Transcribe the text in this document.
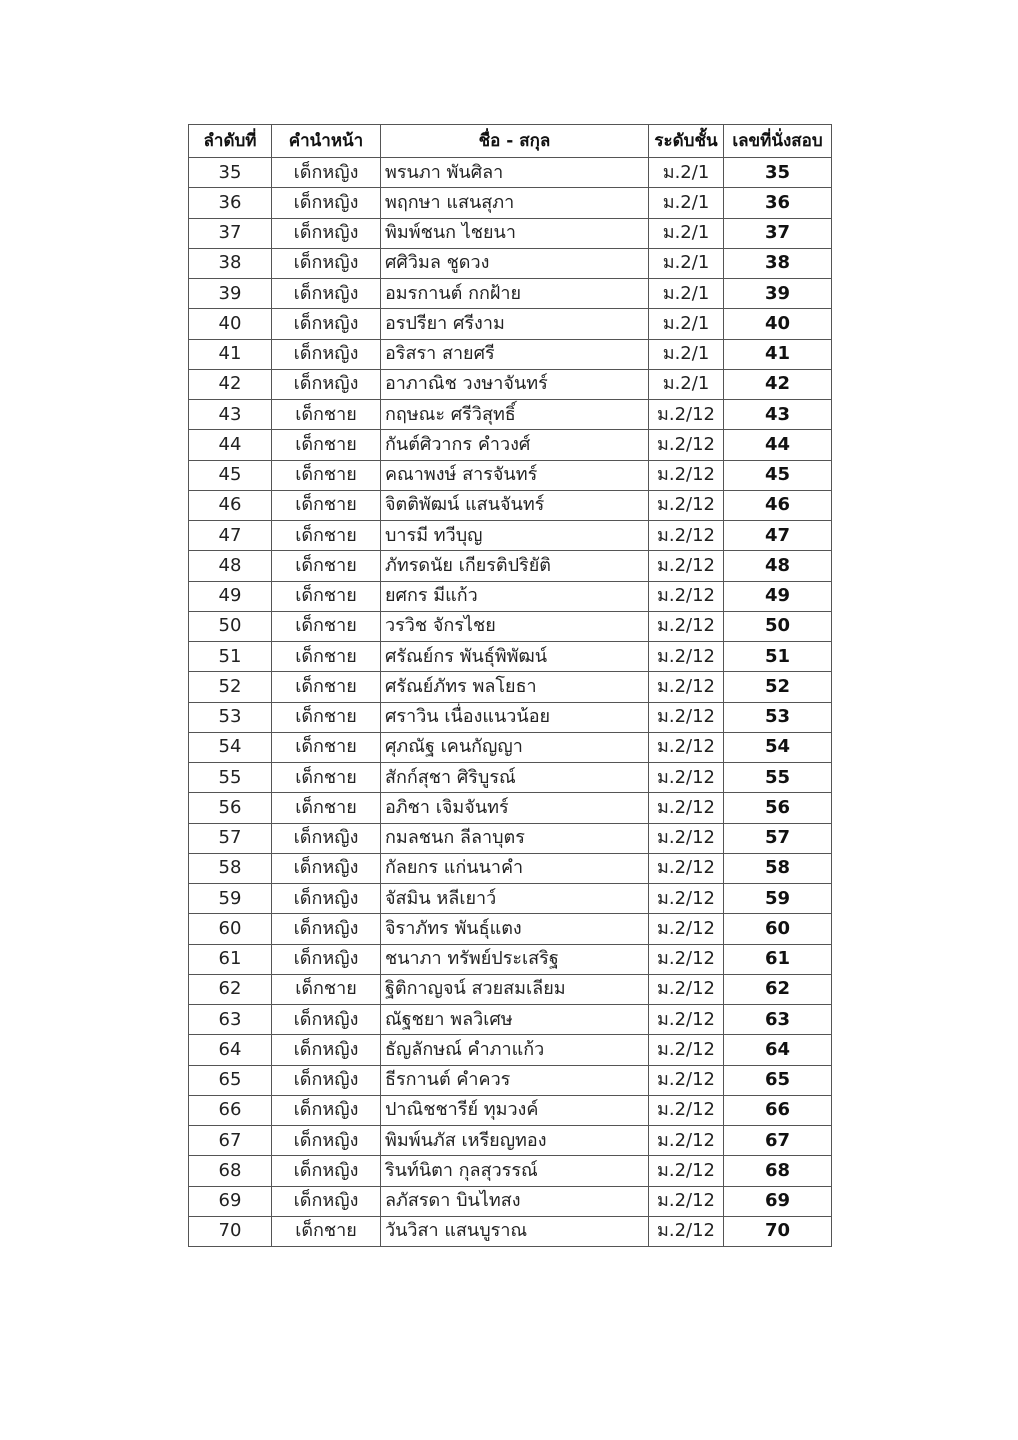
ลำดับที่	คำนำหน้า	ชื่อ - สกุล	ระดับชั้น	เลขที่นั่งสอบ
35	เด็กหญิง	พรนภา พันศิลา	ม.2/1	35
36	เด็กหญิง	พฤกษา แสนสุภา	ม.2/1	36
37	เด็กหญิง	พิมพ์ชนก ไชยนา	ม.2/1	37
38	เด็กหญิง	ศศิวิมล ชูดวง	ม.2/1	38
39	เด็กหญิง	อมรกานต์ กกฝ้าย	ม.2/1	39
40	เด็กหญิง	อรปรียา ศรีงาม	ม.2/1	40
41	เด็กหญิง	อริสรา สายศรี	ม.2/1	41
42	เด็กหญิง	อาภาณิช วงษาจันทร์	ม.2/1	42
43	เด็กชาย	กฤษณะ ศรีวิสุทธิ์	ม.2/12	43
44	เด็กชาย	กันต์ศิวากร คำวงศ์	ม.2/12	44
45	เด็กชาย	คณาพงษ์ สารจันทร์	ม.2/12	45
46	เด็กชาย	จิตติพัฒน์ แสนจันทร์	ม.2/12	46
47	เด็กชาย	บารมี ทวีบุญ	ม.2/12	47
48	เด็กชาย	ภัทรดนัย เกียรติปริยัติ	ม.2/12	48
49	เด็กชาย	ยศกร มีแก้ว	ม.2/12	49
50	เด็กชาย	วรวิช จักรไชย	ม.2/12	50
51	เด็กชาย	ศรัณย์กร พันธุ์พิพัฒน์	ม.2/12	51
52	เด็กชาย	ศรัณย์ภัทร พลโยธา	ม.2/12	52
53	เด็กชาย	ศราวิน เนื่องแนวน้อย	ม.2/12	53
54	เด็กชาย	ศุภณัฐ เคนกัญญา	ม.2/12	54
55	เด็กชาย	สักก์สุชา ศิริบูรณ์	ม.2/12	55
56	เด็กชาย	อภิชา เจิมจันทร์	ม.2/12	56
57	เด็กหญิง	กมลชนก ลีลาบุตร	ม.2/12	57
58	เด็กหญิง	กัลยกร แก่นนาคำ	ม.2/12	58
59	เด็กหญิง	จัสมิน หลีเยาว์	ม.2/12	59
60	เด็กหญิง	จิราภัทร พันธุ์แตง	ม.2/12	60
61	เด็กหญิง	ชนาภา ทรัพย์ประเสริฐ	ม.2/12	61
62	เด็กชาย	ฐิติกาญจน์ สวยสมเลียม	ม.2/12	62
63	เด็กหญิง	ณัฐชยา พลวิเศษ	ม.2/12	63
64	เด็กหญิง	ธัญลักษณ์ คำภาแก้ว	ม.2/12	64
65	เด็กหญิง	ธีรกานต์ คำควร	ม.2/12	65
66	เด็กหญิง	ปาณิชชารีย์ ทุมวงค์	ม.2/12	66
67	เด็กหญิง	พิมพ์นภัส เหรียญทอง	ม.2/12	67
68	เด็กหญิง	รินท์นิตา กุลสุวรรณ์	ม.2/12	68
69	เด็กหญิง	ลภัสรดา บินไทสง	ม.2/12	69
70	เด็กชาย	วันวิสา แสนบูราณ	ม.2/12	70
